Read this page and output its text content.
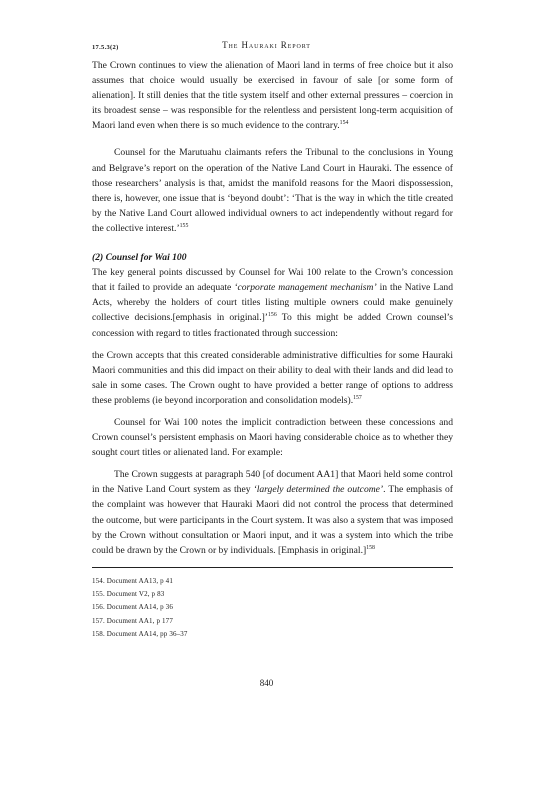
17.5.3(2)	The Hauraki Report

The Crown continues to view the alienation of Maori land in terms of free choice but it also assumes that choice would usually be exercised in favour of sale [or some form of alienation]. It still denies that the title system itself and other external pressures – coercion in its broadest sense – was responsible for the relentless and persistent long-term acquisition of Maori land even when there is so much evidence to the contrary.$^{154}$

Counsel for the Marutuahu claimants refers the Tribunal to the conclusions in Young and Belgrave’s report on the operation of the Native Land Court in Hauraki. The essence of those researchers’ analysis is that, amidst the manifold reasons for the Maori dispossession, there is, however, one issue that is ‘beyond doubt’: ‘That is the way in which the title created by the Native Land Court allowed individual owners to act independently without regard for the collective interest.’$^{155}$

(2) Counsel for Wai 100

The key general points discussed by Counsel for Wai 100 relate to the Crown’s concession that it failed to provide an adequate ‘corporate management mechanism’ in the Native Land Acts, whereby the holders of court titles listing multiple owners could make genuinely collective decisions.[emphasis in original.]’$^{156}$ To this might be added Crown counsel’s concession with regard to titles fractionated through succession:

the Crown accepts that this created considerable administrative difficulties for some Hauraki Maori communities and this did impact on their ability to deal with their lands and did lead to sale in some cases. The Crown ought to have provided a better range of options to address these problems (ie beyond incorporation and consolidation models).$^{157}$

Counsel for Wai 100 notes the implicit contradiction between these concessions and Crown counsel’s persistent emphasis on Maori having considerable choice as to whether they sought court titles or alienated land. For example:

The Crown suggests at paragraph 540 [of document AA1] that Maori held some control in the Native Land Court system as they ‘largely determined the outcome’. The emphasis of the complaint was however that Hauraki Maori did not control the process that determined the outcome, but were participants in the Court system. It was also a system that was imposed by the Crown without consultation or Maori input, and it was a system into which the tribe could be drawn by the Crown or by individuals. [Emphasis in original.]$^{158}$

154. Document AA13, p 41
155. Document V2, p 83
156. Document AA14, p 36
157. Document AA1, p 177
158. Document AA14, pp 36–37
840
